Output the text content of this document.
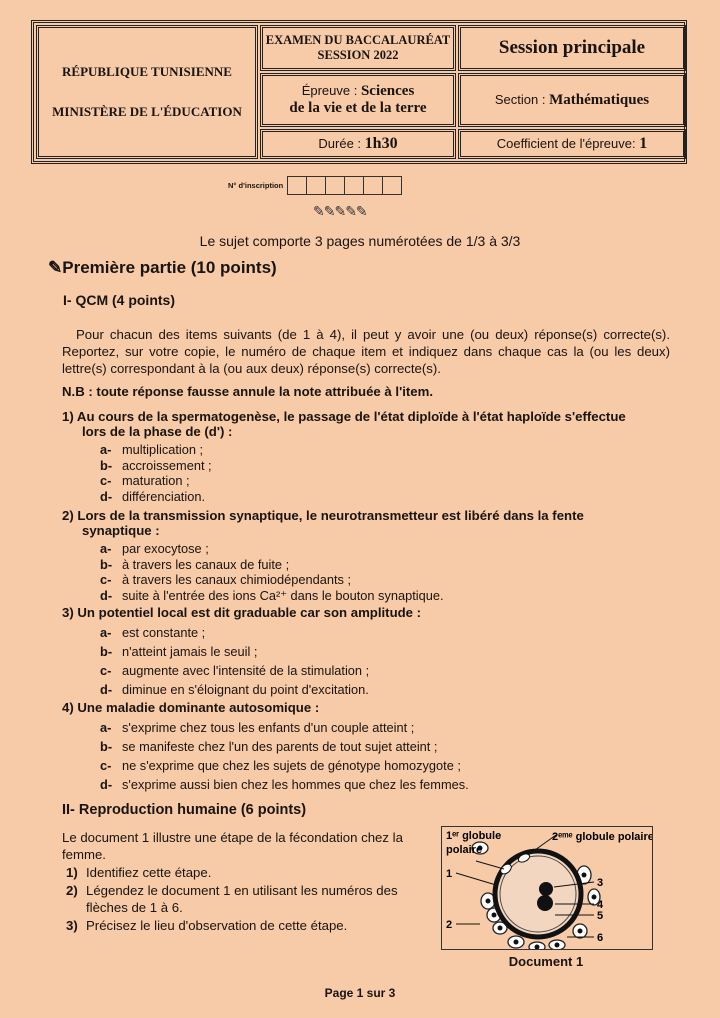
RÉPUBLIQUE TUNISIENNE
MINISTÈRE DE L'ÉDUCATION
EXAMEN DU BACCALAURÉAT
SESSION 2022	Session principale
Épreuve : Sciences
de la vie et de la terre
Section : Mathématiques
Durée : 1h30	Coefficient de l'épreuve: 1
N° d'inscription
✎✎✎✎✎
Le sujet comporte 3 pages numérotées de 1/3 à 3/3
✎Première partie (10 points)
I- QCM (4 points)
Pour chacun des items suivants (de 1 à 4), il peut y avoir une (ou deux) réponse(s) correcte(s). Reportez, sur votre copie, le numéro de chaque item et indiquez dans chaque cas la (ou les deux) lettre(s) correspondant à la (ou aux deux) réponse(s) correcte(s).
N.B : toute réponse fausse annule la note attribuée à l'item.
1) Au cours de la spermatogenèse, le passage de l'état diploïde à l'état haploïde s'effectue
lors de la phase de (d') :
a- multiplication ;
b- accroissement ;
c- maturation ;
d- différenciation.
2) Lors de la transmission synaptique, le neurotransmetteur est libéré dans la fente
synaptique :
a- par exocytose ;
b- à travers les canaux de fuite ;
c- à travers les canaux chimiodépendants ;
d- suite à l'entrée des ions Ca²⁺ dans le bouton synaptique.
3) Un potentiel local est dit graduable car son amplitude :
a- est constante ;
b- n'atteint jamais le seuil ;
c- augmente avec l'intensité de la stimulation ;
d- diminue en s'éloignant du point d'excitation.
4) Une maladie dominante autosomique :
a- s'exprime chez tous les enfants d'un couple atteint ;
b- se manifeste chez l'un des parents de tout sujet atteint ;
c- ne s'exprime que chez les sujets de génotype homozygote ;
d- s'exprime aussi bien chez les hommes que chez les femmes.
II- Reproduction humaine (6 points)
Le document 1 illustre une étape de la fécondation chez la
femme.
1) Identifiez cette étape.
2) Légendez le document 1 en utilisant les numéros des
flèches de 1 à 6.
3) Précisez le lieu d'observation de cette étape.
1ᵉʳ globule
polaire
2ᵉᵐᵉ globule polaire
1
2
3
4
5
6
Document 1
Page 1 sur 3
